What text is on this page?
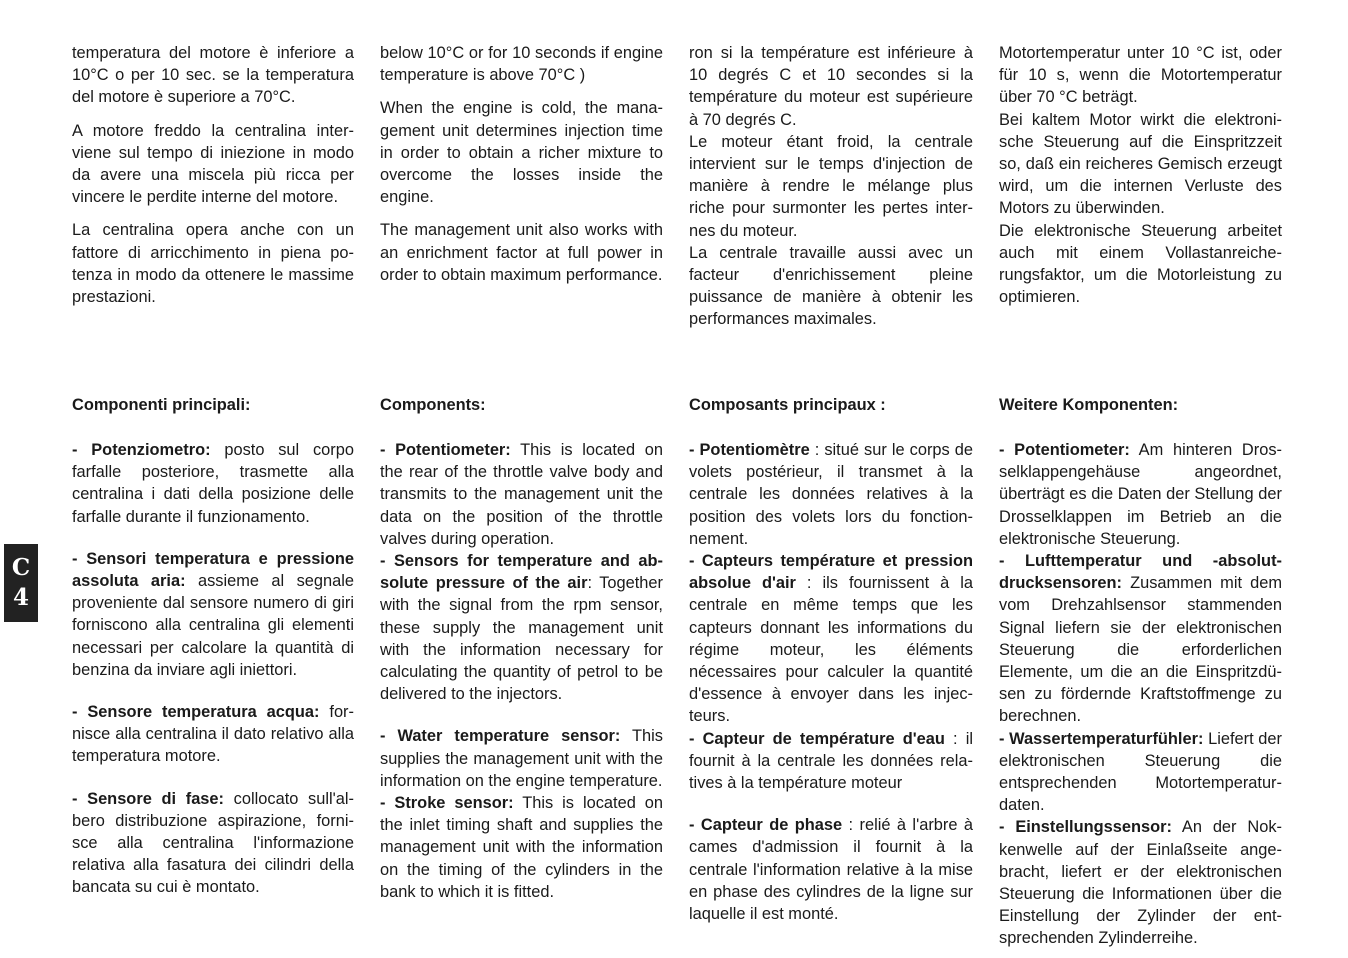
C
4

temperatura del motore è inferiore a 10°C o per 10 sec. se la temperatura del motore è superiore a 70°C.

A motore freddo la centralina interviene sul tempo di iniezione in modo da avere una miscela più ricca per vincere le perdite interne del motore.

La centralina opera anche con un fattore di arricchimento in piena potenza in modo da ottenere le massime prestazioni.

Componenti principali:

- Potenziometro: posto sul corpo farfalle posteriore, trasmette alla centralina i dati della posizione delle farfalle durante il funzionamento.

- Sensori temperatura e pressione assoluta aria: assieme al segnale proveniente dal sensore numero di giri forniscono alla centralina gli elementi necessari per calcolare la quantità di benzina da inviare agli iniettori.

- Sensore temperatura acqua: fornisce alla centralina il dato relativo alla temperatura motore.

- Sensore di fase: collocato sull'albero distribuzione aspirazione, fornisce alla centralina l'informazione relativa alla fasatura dei cilindri della bancata su cui è montato.

below 10°C or for 10 seconds if engine temperature is above 70°C )

When the engine is cold, the management unit determines injection time in order to obtain a richer mixture to overcome the losses inside the engine.

The management unit also works with an enrichment factor at full power in order to obtain maximum performance.

Components:

- Potentiometer: This is located on the rear of the throttle valve body and transmits to the management unit the data on the position of the throttle valves during operation.

- Sensors for temperature and absolute pressure of the air: Together with the signal from the rpm sensor, these supply the management unit with the information necessary for calculating the quantity of petrol to be delivered to the injectors.

- Water temperature sensor: This supplies the management unit with the information on the engine temperature.

- Stroke sensor: This is located on the inlet timing shaft and supplies the management unit with the information on the timing of the cylinders in the bank to which it is fitted.

ron si la température est inférieure à 10 degrés C et 10 secondes si la température du moteur est supérieure à 70 degrés C.

Le moteur étant froid, la centrale intervient sur le temps d'injection de manière à rendre le mélange plus riche pour surmonter les pertes internes du moteur.

La centrale travaille aussi avec un facteur d'enrichissement pleine puissance de manière à obtenir les performances maximales.

Composants principaux :

- Potentiomètre : situé sur le corps de volets postérieur, il transmet à la centrale les données relatives à la position des volets lors du fonctionnement.

- Capteurs température et pression absolue d'air : ils fournissent à la centrale en même temps que les capteurs donnant les informations du régime moteur, les éléments nécessaires pour calculer la quantité d'essence à envoyer dans les injecteurs.

- Capteur de température d'eau : il fournit à la centrale les données relatives à la température moteur

- Capteur de phase : relié à l'arbre à cames d'admission il fournit à la centrale l'information relative à la mise en phase des cylindres de la ligne sur laquelle il est monté.

Motortemperatur unter 10 °C ist, oder für 10 s, wenn die Motortemperatur über 70 °C beträgt.

Bei kaltem Motor wirkt die elektronische Steuerung auf die Einspritzzeit so, daß ein reicheres Gemisch erzeugt wird, um die internen Verluste des Motors zu überwinden.

Die elektronische Steuerung arbeitet auch mit einem Vollastanreicherungsfaktor, um die Motorleistung zu optimieren.

Weitere Komponenten:

- Potentiometer: Am hinteren Drosselklappengehäuse angeordnet, überträgt es die Daten der Stellung der Drosselklappen im Betrieb an die elektronische Steuerung.

- Lufttemperatur und -absolutdrucksensoren: Zusammen mit dem vom Drehzahlsensor stammenden Signal liefern sie der elektronischen Steuerung die erforderlichen Elemente, um die an die Einspritzdüsen zu fördernde Kraftstoffmenge zu berechnen.

- Wassertemperaturfühler: Liefert der elektronischen Steuerung die entsprechenden Motortemperaturdaten.

- Einstellungssensor: An der Nokkenwelle auf der Einlaßseite angebracht, liefert er der elektronischen Steuerung die Informationen über die Einstellung der Zylinder der entsprechenden Zylinderreihe.
